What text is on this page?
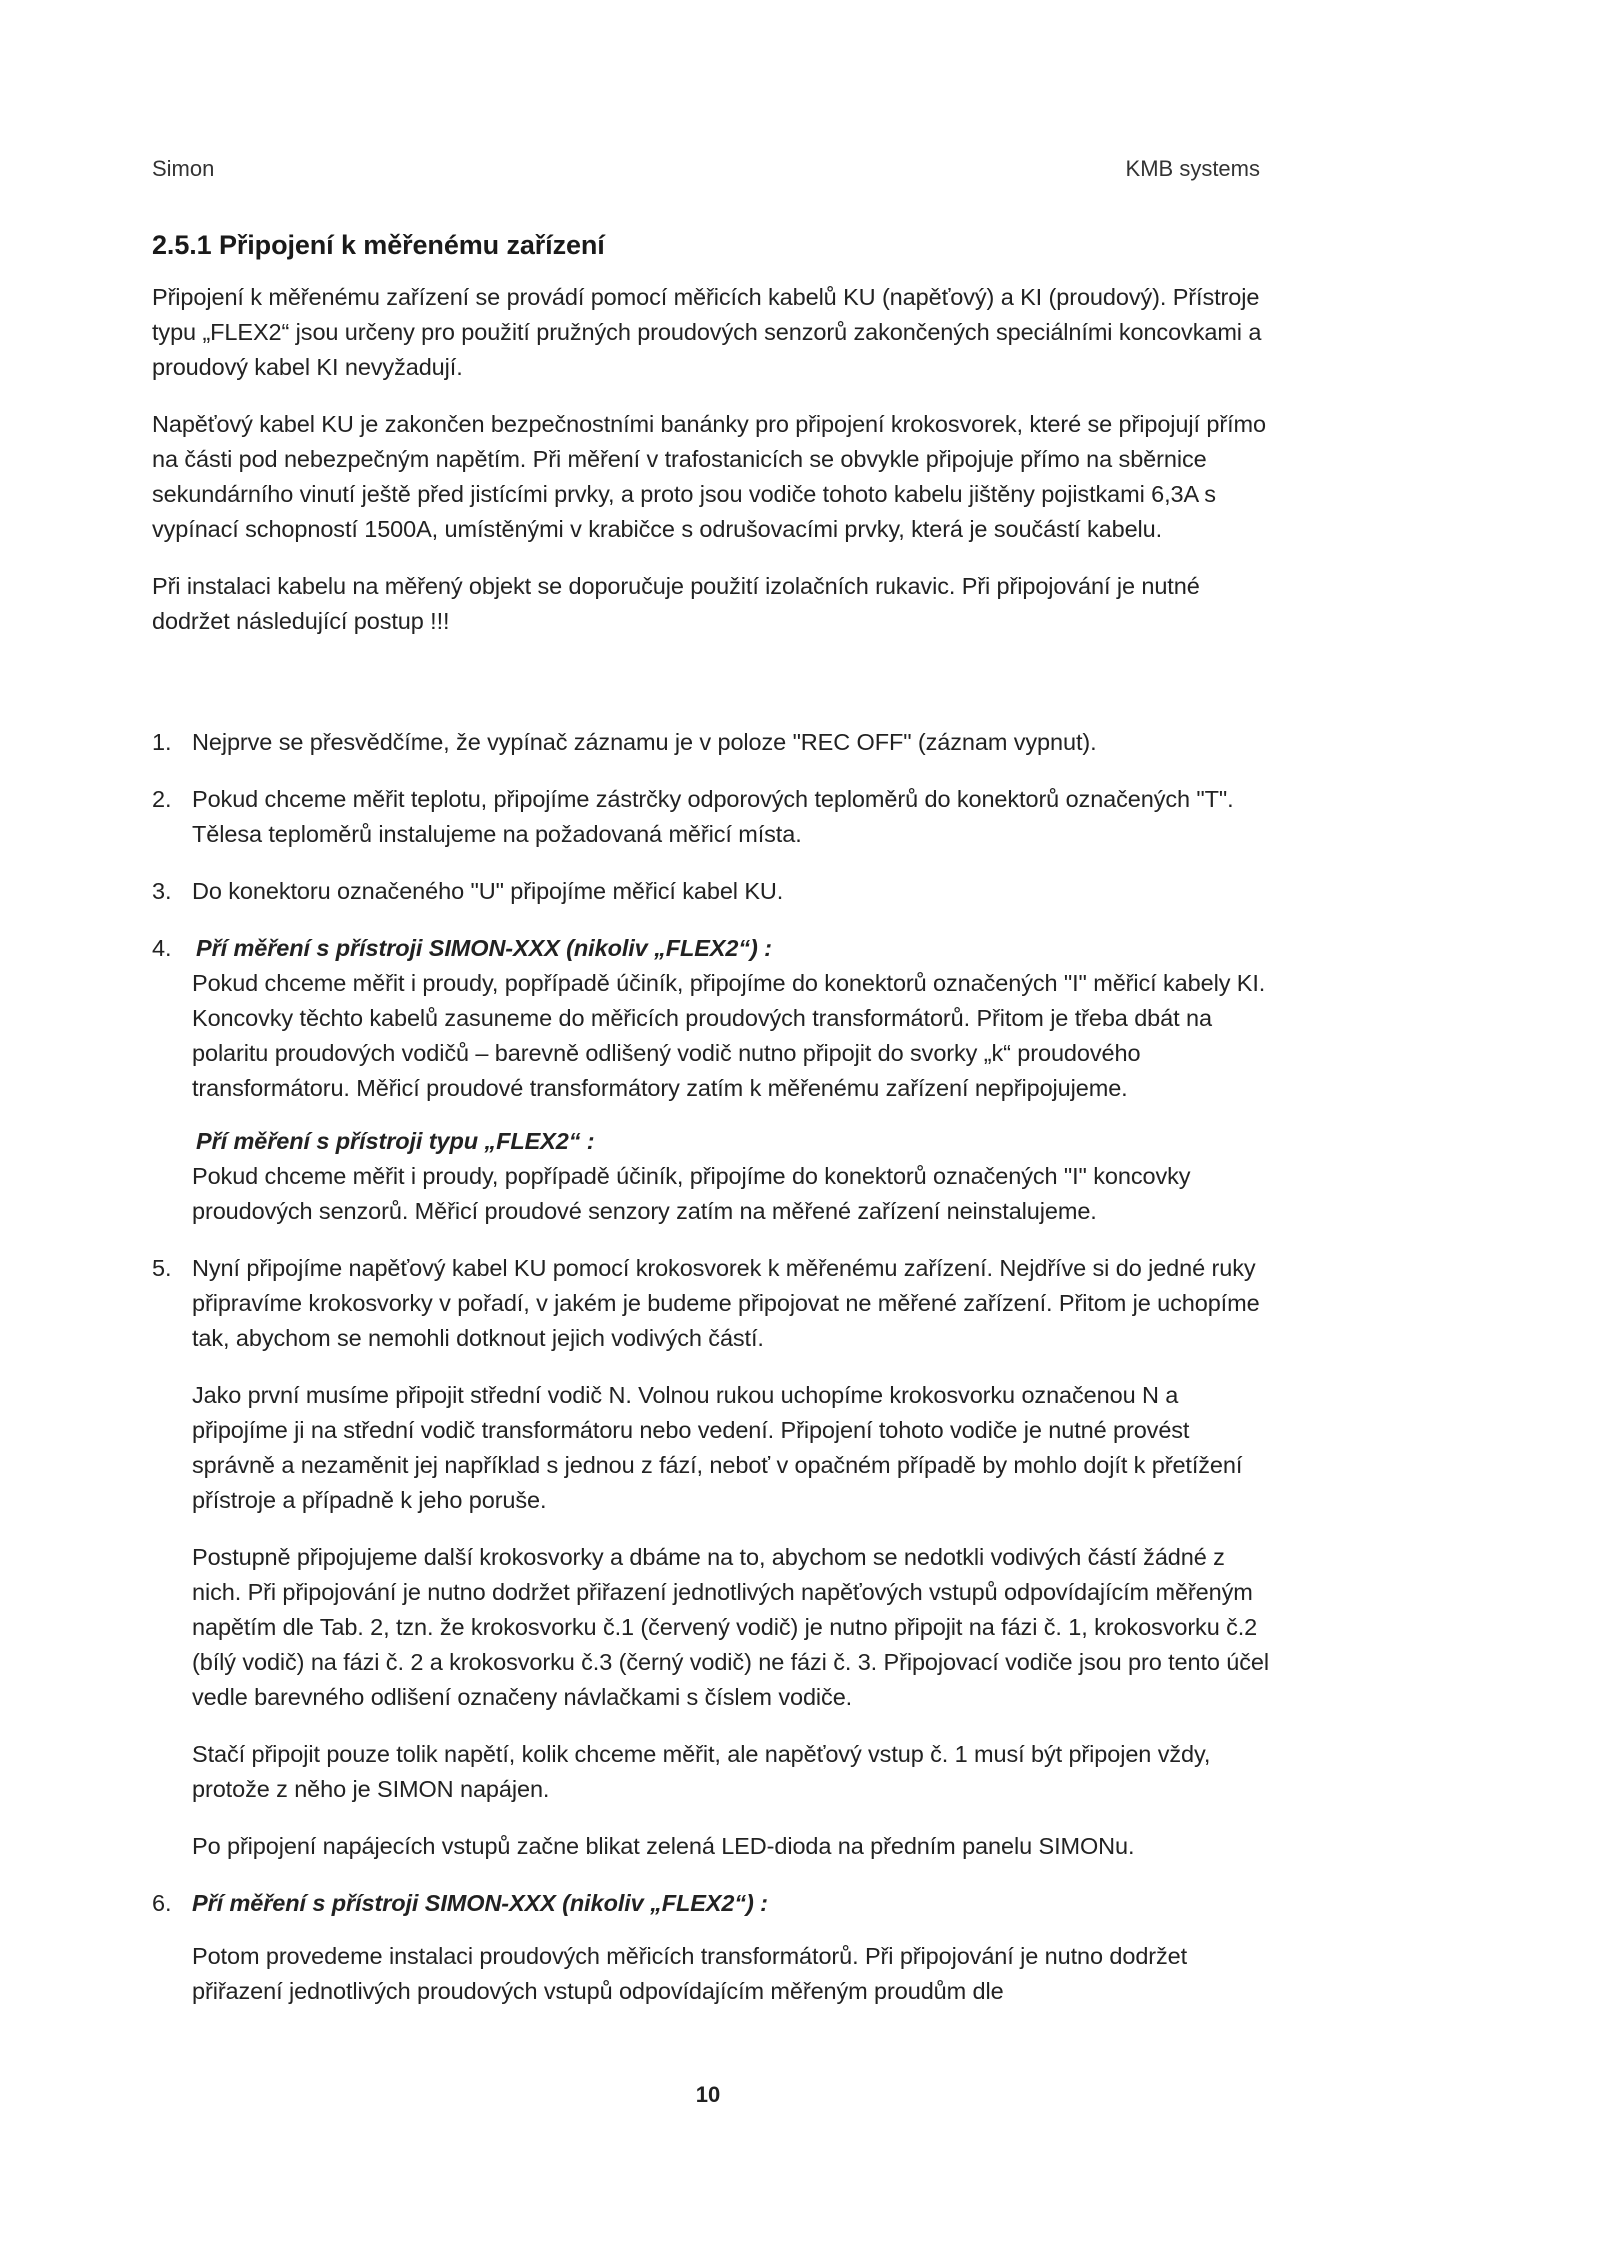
Simon	KMB systems
2.5.1 Připojení k měřenému zařízení

Připojení k měřenému zařízení se provádí pomocí měřicích kabelů KU (napěťový) a KI (proudový). Přístroje typu „FLEX2“ jsou určeny pro použití pružných proudových senzorů zakončených speciálními koncovkami a proudový kabel KI nevyžadují.

Napěťový kabel KU je zakončen bezpečnostními banánky pro připojení krokosvorek, které se připojují přímo na části pod nebezpečným napětím. Při měření v trafostanicích se obvykle připojuje přímo na sběrnice sekundárního vinutí ještě před jistícími prvky, a proto jsou vodiče tohoto kabelu jištěny pojistkami 6,3A s vypínací schopností 1500A, umístěnými v krabičce s odrušovacími prvky, která je součástí kabelu.

Při instalaci kabelu na měřený objekt se doporučuje použití izolačních rukavic. Při připojování je nutné dodržet následující postup !!!

1. Nejprve se přesvědčíme, že vypínač záznamu je v poloze "REC OFF" (záznam vypnut).
2. Pokud chceme měřit teplotu, připojíme zástrčky odporových teploměrů do konektorů označených "T". Tělesa teploměrů instalujeme na požadovaná měřicí místa.
3. Do konektoru označeného "U" připojíme měřicí kabel KU.
4. Pří měření s přístroji SIMON-XXX (nikoliv „FLEX2“) :
Pokud chceme měřit i proudy, popřípadě účiník, připojíme do konektorů označených "I" měřicí kabely KI. Koncovky těchto kabelů zasuneme do měřicích proudových transformátorů. Přitom je třeba dbát na polaritu proudových vodičů – barevně odlišený vodič nutno připojit do svorky „k“ proudového transformátoru. Měřicí proudové transformátory zatím k měřenému zařízení nepřipojujeme.
Pří měření s přístroji typu „FLEX2“ :
Pokud chceme měřit i proudy, popřípadě účiník, připojíme do konektorů označených "I" koncovky proudových senzorů. Měřicí proudové senzory zatím na měřené zařízení neinstalujeme.
5. Nyní připojíme napěťový kabel KU pomocí krokosvorek k měřenému zařízení. Nejdříve si do jedné ruky připravíme krokosvorky v pořadí, v jakém je budeme připojovat ne měřené zařízení. Přitom je uchopíme tak, abychom se nemohli dotknout jejich vodivých částí.

Jako první musíme připojit střední vodič N. Volnou rukou uchopíme krokosvorku označenou N a připojíme ji na střední vodič transformátoru nebo vedení. Připojení tohoto vodiče je nutné provést správně a nezaměnit jej například s jednou z fází, neboť v opačném případě by mohlo dojít k přetížení přístroje a případně k jeho poruše.

Postupně připojujeme další krokosvorky a dbáme na to, abychom se nedotkli vodivých částí žádné z nich. Při připojování je nutno dodržet přiřazení jednotlivých napěťových vstupů odpovídajícím měřeným napětím dle Tab. 2, tzn. že krokosvorku č.1 (červený vodič) je nutno připojit na fázi č. 1, krokosvorku č.2 (bílý vodič) na fázi č. 2 a krokosvorku č.3 (černý vodič) ne fázi č. 3. Připojovací vodiče jsou pro tento účel vedle barevného odlišení označeny návlačkami s číslem vodiče.

Stačí připojit pouze tolik napětí, kolik chceme měřit, ale napěťový vstup č. 1 musí být připojen vždy, protože z něho je SIMON napájen.

Po připojení napájecích vstupů začne blikat zelená LED-dioda na předním panelu SIMONu.

6. Pří měření s přístroji SIMON-XXX (nikoliv „FLEX2“) :
Potom provedeme instalaci proudových měřicích transformátorů. Při připojování je nutno dodržet přiřazení jednotlivých proudových vstupů odpovídajícím měřeným proudům dle
10
